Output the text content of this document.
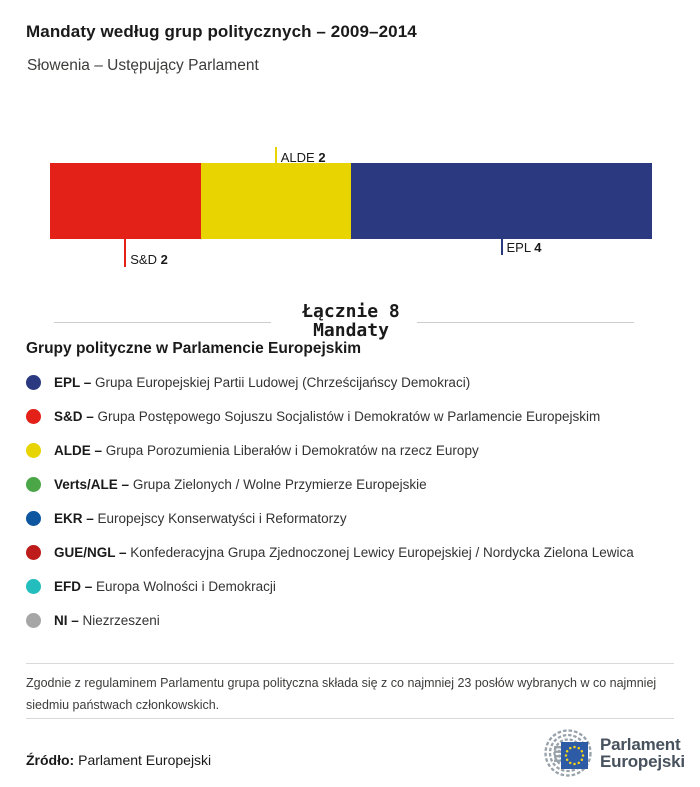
Mandaty według grup politycznych – 2009–2014
Słowenia – Ustępujący Parlament
S&D 2
ALDE 2
EPL 4
Łącznie 8
Mandaty
Grupy polityczne w Parlamencie Europejskim
EPL – Grupa Europejskiej Partii Ludowej (Chrześcijańscy Demokraci)
S&D – Grupa Postępowego Sojuszu Socjalistów i Demokratów w Parlamencie Europejskim
ALDE – Grupa Porozumienia Liberałów i Demokratów na rzecz Europy
Verts/ALE – Grupa Zielonych / Wolne Przymierze Europejskie
EKR – Europejscy Konserwatyści i Reformatorzy
GUE/NGL – Konfederacyjna Grupa Zjednoczonej Lewicy Europejskiej / Nordycka Zielona Lewica
EFD – Europa Wolności i Demokracji
NI – Niezrzeszeni
Zgodnie z regulaminem Parlamentu grupa polityczna składa się z co najmniej 23 posłów wybranych w co najmniej siedmiu państwach członkowskich.
Źródło: Parlament Europejski
Parlament
Europejski
